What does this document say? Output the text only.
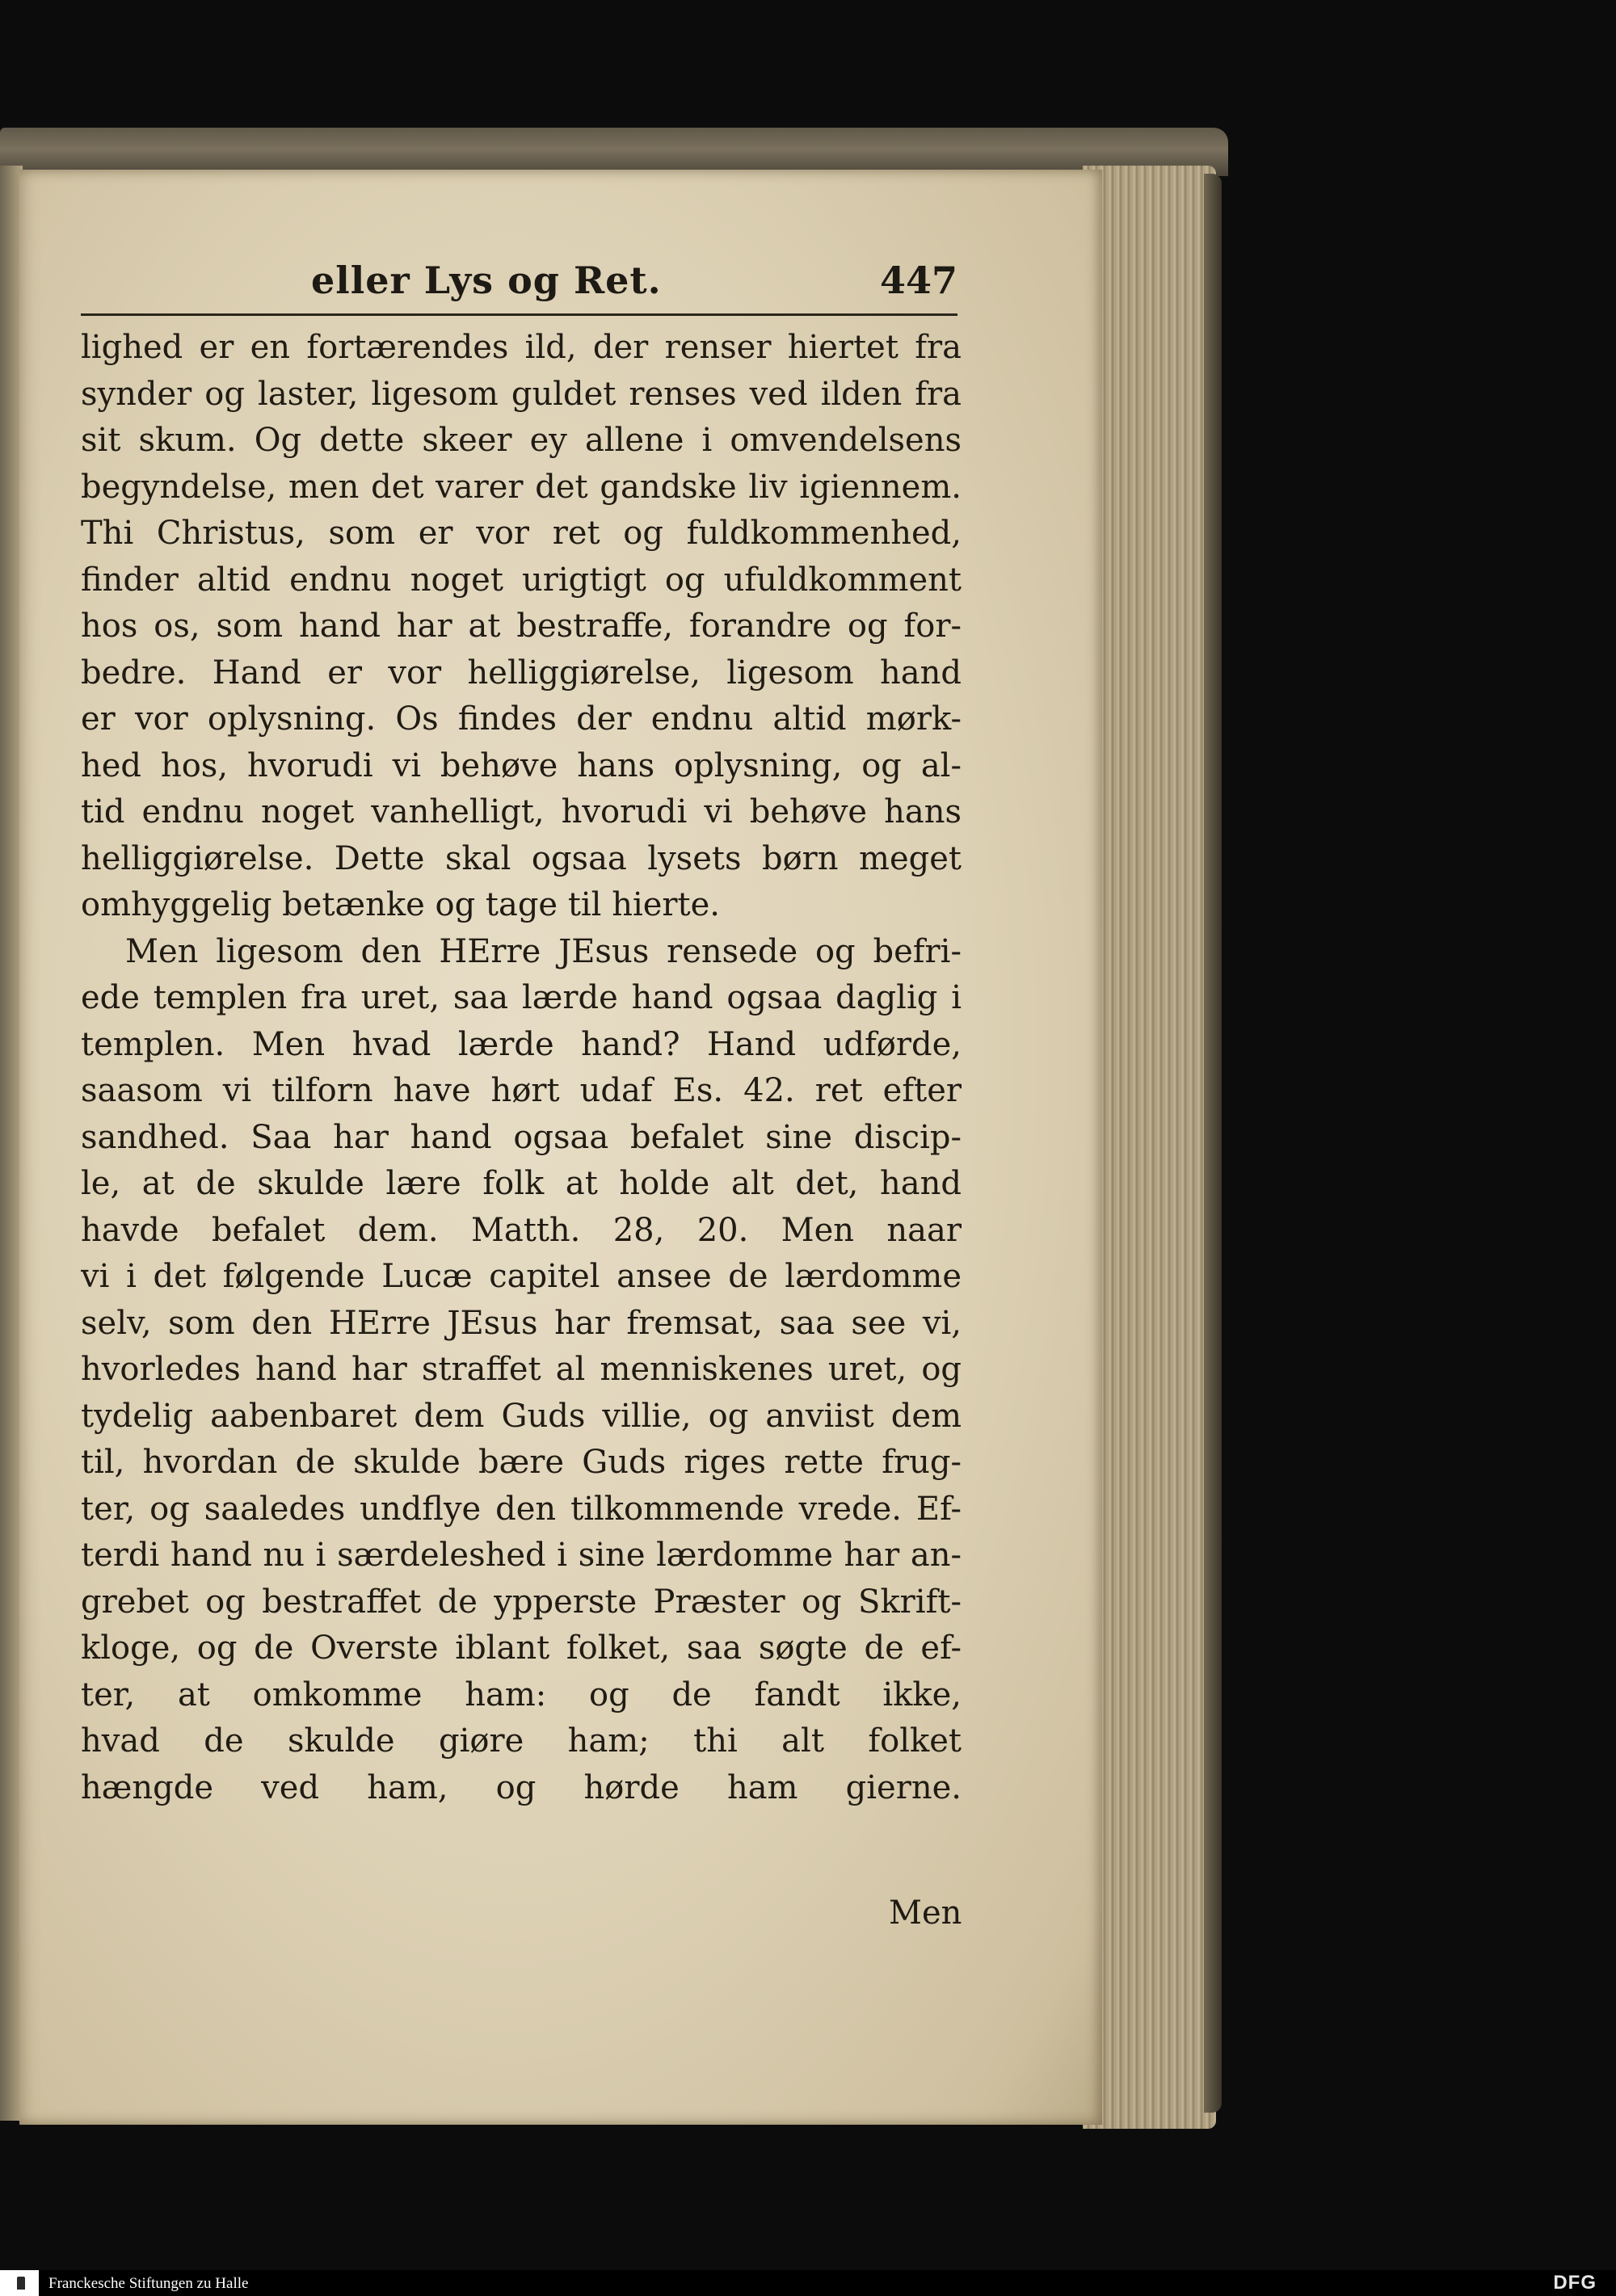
eller Lys og Ret.	447
lighed er en fortærendes ild, der renser hiertet fra
synder og laster, ligesom guldet renses ved ilden fra
sit skum. Og dette skeer ey allene i omvendelsens
begyndelse, men det varer det gandske liv igiennem.
Thi Christus, som er vor ret og fuldkommenhed,
finder altid endnu noget urigtigt og ufuldkomment
hos os, som hand har at bestraffe, forandre og for-
bedre. Hand er vor helliggiørelse, ligesom hand
er vor oplysning. Os findes der endnu altid mørk-
hed hos, hvorudi vi behøve hans oplysning, og al-
tid endnu noget vanhelligt, hvorudi vi behøve hans
helliggiørelse. Dette skal ogsaa lysets børn meget
omhyggelig betænke og tage til hierte.
Men ligesom den HErre JEsus rensede og befri-
ede templen fra uret, saa lærde hand ogsaa daglig i
templen. Men hvad lærde hand? Hand udførde,
saasom vi tilforn have hørt udaf Es. 42. ret efter
sandhed. Saa har hand ogsaa befalet sine discip-
le, at de skulde lære folk at holde alt det, hand
havde befalet dem. Matth. 28, 20. Men naar
vi i det følgende Lucæ capitel ansee de lærdomme
selv, som den HErre JEsus har fremsat, saa see vi,
hvorledes hand har straffet al menniskenes uret, og
tydelig aabenbaret dem Guds villie, og anviist dem
til, hvordan de skulde bære Guds riges rette frug-
ter, og saaledes undflye den tilkommende vrede. Ef-
terdi hand nu i særdeleshed i sine lærdomme har an-
grebet og bestraffet de ypperste Præster og Skrift-
kloge, og de Overste iblant folket, saa søgte de ef-
ter, at omkomme ham: og de fandt ikke,
hvad de skulde giøre ham; thi alt folket
hængde ved ham, og hørde ham gierne.
Men
Franckesche Stiftungen zu Halle	DFG
